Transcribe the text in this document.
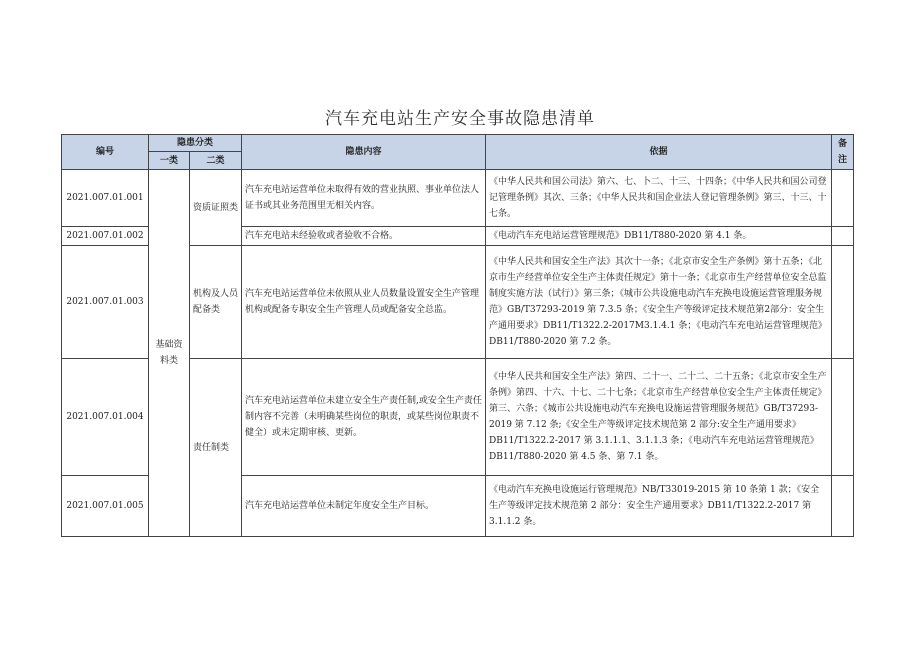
汽车充电站生产安全事故隐患清单
编号	隐患分类		隐患内容	依据	备注
	一类	二类			
2021.007.01.001	基础资料类	资质证照类	汽车充电站运营单位未取得有效的营业执照、事业单位法人证书或其业务范围里无相关内容。	《中华人民共和国公司法》第六、七、卜二、十三、十四条；《中华人民共和国公司登记管理条例》其次、三条；《中华人民共和国企业法人登记管理条例》第三、十三、十七条。	
2021.007.01.002			汽车充电站未经验收或者验收不合格。	《电动汽车充电站运营管理规范》DB11/T880-2020 第 4.1 条。	
2021.007.01.003		机构及人员配备类	汽车充电站运营单位未依照从业人员数量设置安全生产管理机构或配备专职安全生产管理人员或配备安全总监。	《中华人民共和国安全生产法》其次十一条；《北京市安全生产条例》第十五条；《北京市生产经营单位安全生产主体责任规定》第十一条；《北京市生产经营单位安全总监制度实施方法（试行）》第三条；《城市公共设施电动汽车充换电设施运营管理服务规范》GB/T37293-2019 第 7.3.5 条；《安全生产等级评定技术规范第2部分：安全生产通用要求》DB11/T1322.2-2017M3.1.4.1 条；《电动汽车充电站运营管理规范》DB11/T880-2020 第 7.2 条。	
2021.007.01.004		责任制类	汽车充电站运营单位未建立安全生产责任制,或安全生产责任制内容不完善（未明确某些岗位的职责，或某些岗位职责不健全）或未定期审核、更新。	《中华人民共和国安全生产法》第四、二十一、二十二、二十五条；《北京市安全生产条例》第四、十六、十七、二十七条；《北京市生产经营单位安全生产主体责任规定》第三、六条；《城市公共设施电动汽车充换电设施运营管理服务规范》GB/T37293-2019 第 7.12 条;《安全生产等级评定技术规范第 2 部分:安全生产通用要求》DB11/T1322.2-2017 第 3.1.1.1、3.1.1.3 条；《电动汽车充电站运营管理规范》DB11/T880-2020 第 4.5 条、第 7.1 条。	
2021.007.01.005			汽车充电站运营单位未制定年度安全生产目标。	《电动汽车充换电设施运行管理规范》NB/T33019-2015 第 10 条第 1 款；《安全生产等级评定技术规范第 2 部分：安全生产通用要求》DB11/T1322.2-2017 第 3.1.1.2 条。	
